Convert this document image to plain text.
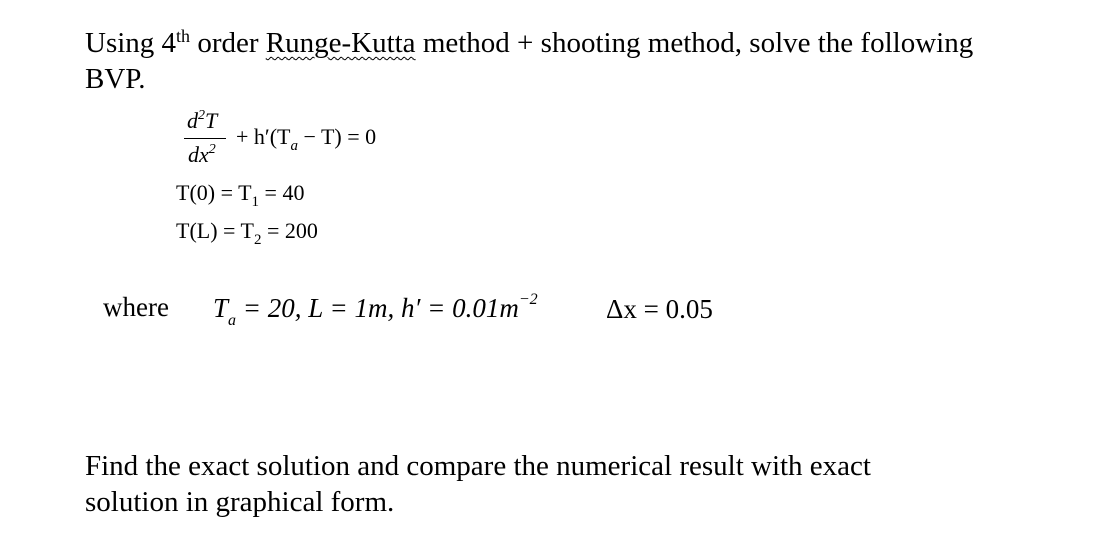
Using 4th order Runge-Kutta method + shooting method, solve the following
BVP.
$d^2T$
$dx^2$
+ $h'(T_a - T) = 0$
$T(0) = T_1 = 40$
$T(L) = T_2 = 200$
where $T_a = 20$, L = 1m, $h' = 0.01m^{-2}$	Δx = 0.05
Find the exact solution and compare the numerical result with exact
solution in graphical form.
